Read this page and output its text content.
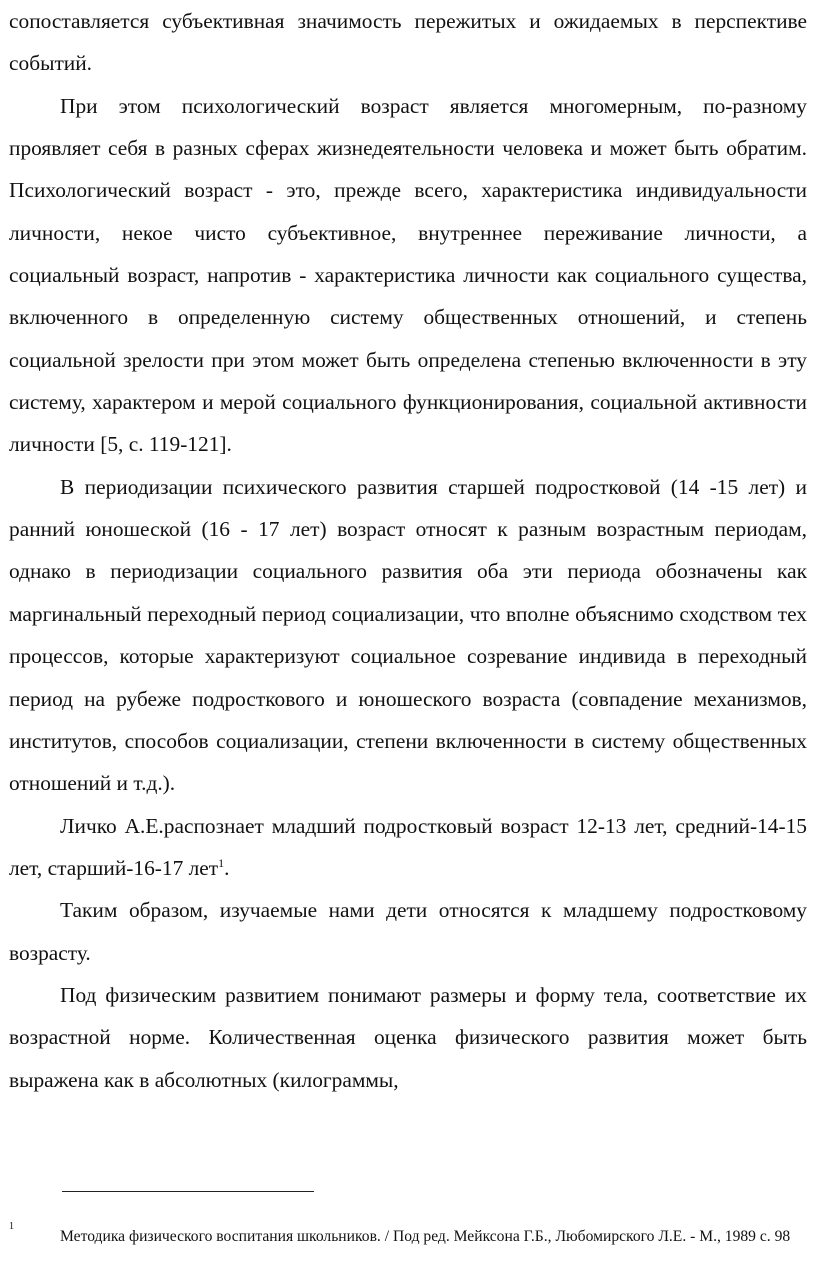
сопоставляется субъективная значимость пережитых и ожидаемых в перспективе событий.

При этом психологический возраст является многомерным, по-разному проявляет себя в разных сферах жизнедеятельности человека и может быть обратим. Психологический возраст - это, прежде всего, характеристика индивидуальности личности, некое чисто субъективное, внутреннее переживание личности, а социальный возраст, напротив - характеристика личности как социального существа, включенного в определенную систему общественных отношений, и степень социальной зрелости при этом может быть определена степенью включенности в эту систему, характером и мерой социального функционирования, социальной активности личности [5, с. 119-121].

В периодизации психического развития старшей подростковой (14 -15 лет) и ранний юношеской (16 - 17 лет) возраст относят к разным возрастным периодам, однако в периодизации социального развития оба эти периода обозначены как маргинальный переходный период социализации, что вполне объяснимо сходством тех процессов, которые характеризуют социальное созревание индивида в переходный период на рубеже подросткового и юношеского возраста (совпадение механизмов, институтов, способов социализации, степени включенности в систему общественных отношений и т.д.).

Личко А.Е.распознает младший подростковый возраст 12-13 лет, средний-14-15 лет, старший-16-17 лет$^1$.

Таким образом, изучаемые нами дети относятся к младшему подростковому возрасту.

Под физическим развитием понимают размеры и форму тела, соответствие их возрастной норме. Количественная оценка физического развития может быть выражена как в абсолютных (килограммы,

1

Методика физического воспитания школьников. / Под ред. Мейксона Г.Б., Любомирского Л.Е. - М., 1989 с. 98
